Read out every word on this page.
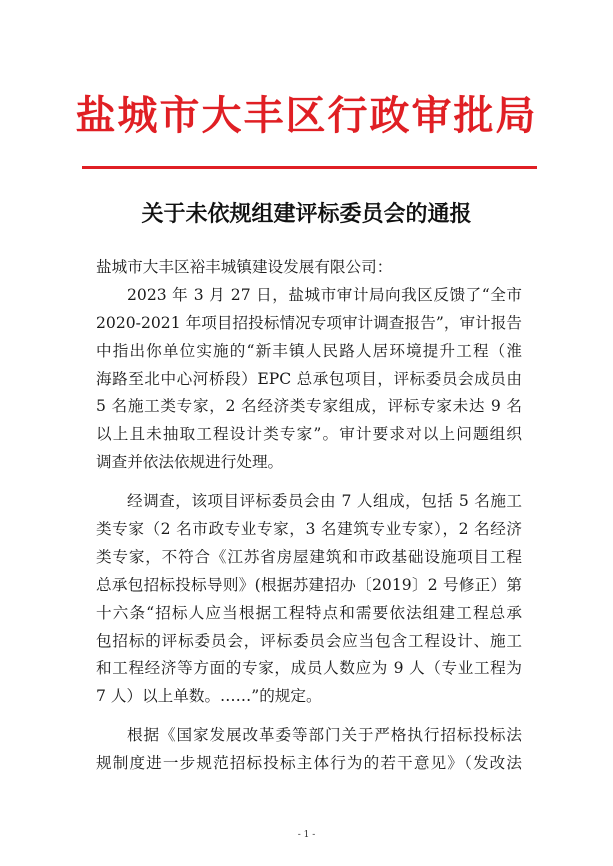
盐城市大丰区行政审批局
关于未依规组建评标委员会的通报
盐城市大丰区裕丰城镇建设发展有限公司：
2023 年 3 月 27 日，盐城市审计局向我区反馈了“全市
2020-2021 年项目招投标情况专项审计调查报告”，审计报告
中指出你单位实施的“新丰镇人民路人居环境提升工程（淮
海路至北中心河桥段）EPC 总承包项目，评标委员会成员由
5 名施工类专家，2 名经济类专家组成，评标专家未达 9 名
以上且未抽取工程设计类专家”。审计要求对以上问题组织
调查并依法依规进行处理。
经调查，该项目评标委员会由 7 人组成，包括 5 名施工
类专家（2 名市政专业专家，3 名建筑专业专家），2 名经济
类专家，不符合《江苏省房屋建筑和市政基础设施项目工程
总承包招标投标导则》(根据苏建招办〔2019〕2 号修正）第
十六条“招标人应当根据工程特点和需要依法组建工程总承
包招标的评标委员会，评标委员会应当包含工程设计、施工
和工程经济等方面的专家，成员人数应为 9 人（专业工程为
7 人）以上单数。……”的规定。
根据《国家发展改革委等部门关于严格执行招标投标法
规制度进一步规范招标投标主体行为的若干意见》（发改法
- 1 -
